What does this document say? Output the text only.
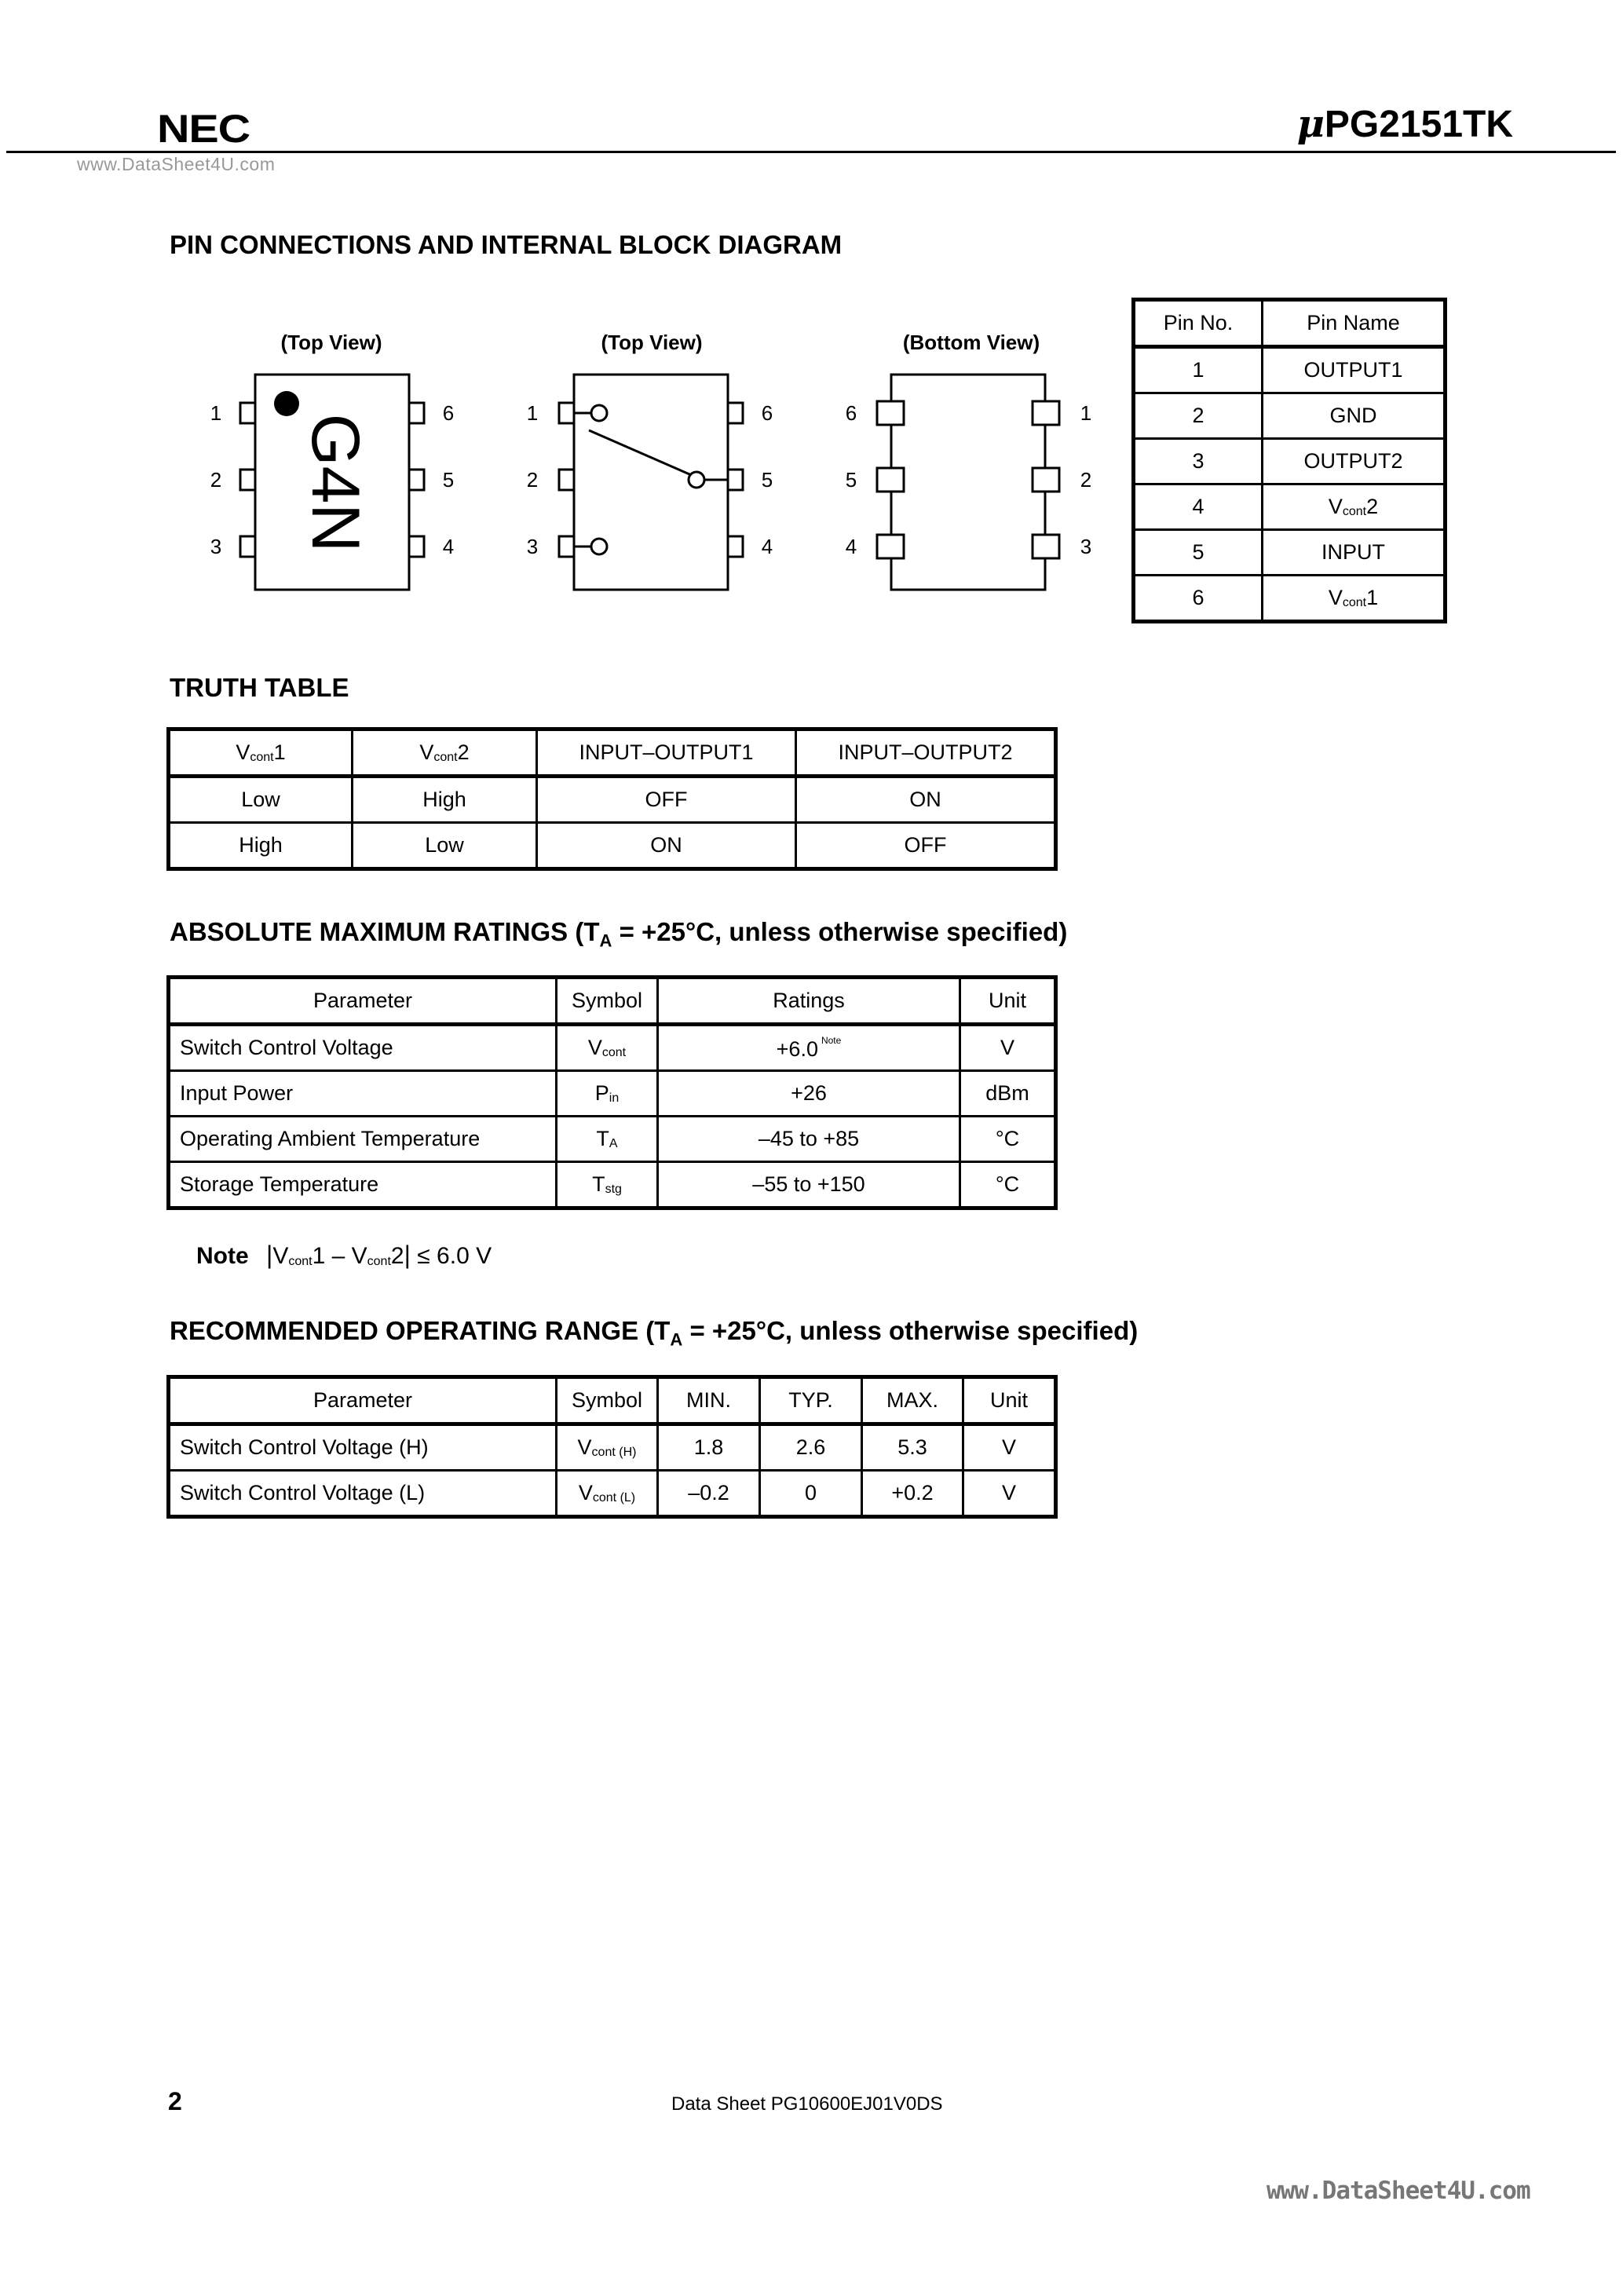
NEC	μPG2151TK
www.DataSheet4U.com
PIN CONNECTIONS AND INTERNAL BLOCK DIAGRAM
(Top View)	(Top View)	(Bottom View)
G4N
1
2
3
6
5
4
1
2
3
6
5
4
6
5
4
1
2
3
Pin No.	Pin Name
1	OUTPUT1
2	GND
3	OUTPUT2
4	$V_{cont}2$
5	INPUT
6	$V_{cont}1$
TRUTH TABLE
$V_{cont}1$	$V_{cont}2$	INPUT–OUTPUT1	INPUT–OUTPUT2
Low	High	OFF	ON
High	Low	ON	OFF
ABSOLUTE MAXIMUM RATINGS ($T_A = +25^\circ C$, unless otherwise specified)
Parameter	Symbol	Ratings	Unit
Switch Control Voltage	$V_{cont}$	+6.0 $^{Note}$	V
Input Power	$P_{in}$	+26	dBm
Operating Ambient Temperature	$T_A$	–45 to +85	°C
Storage Temperature	$T_{stg}$	–55 to +150	°C
Note $|V_{cont}1 - V_{cont}2| \le 6.0$ V
RECOMMENDED OPERATING RANGE ($T_A = +25^\circ C$, unless otherwise specified)
Parameter	Symbol	MIN.	TYP.	MAX.	Unit
Switch Control Voltage (H)	$V_{cont (H)}$	1.8	2.6	5.3	V
Switch Control Voltage (L)	$V_{cont (L)}$	–0.2	0	+0.2	V
2	Data Sheet PG10600EJ01V0DS
www.DataSheet4U.com
